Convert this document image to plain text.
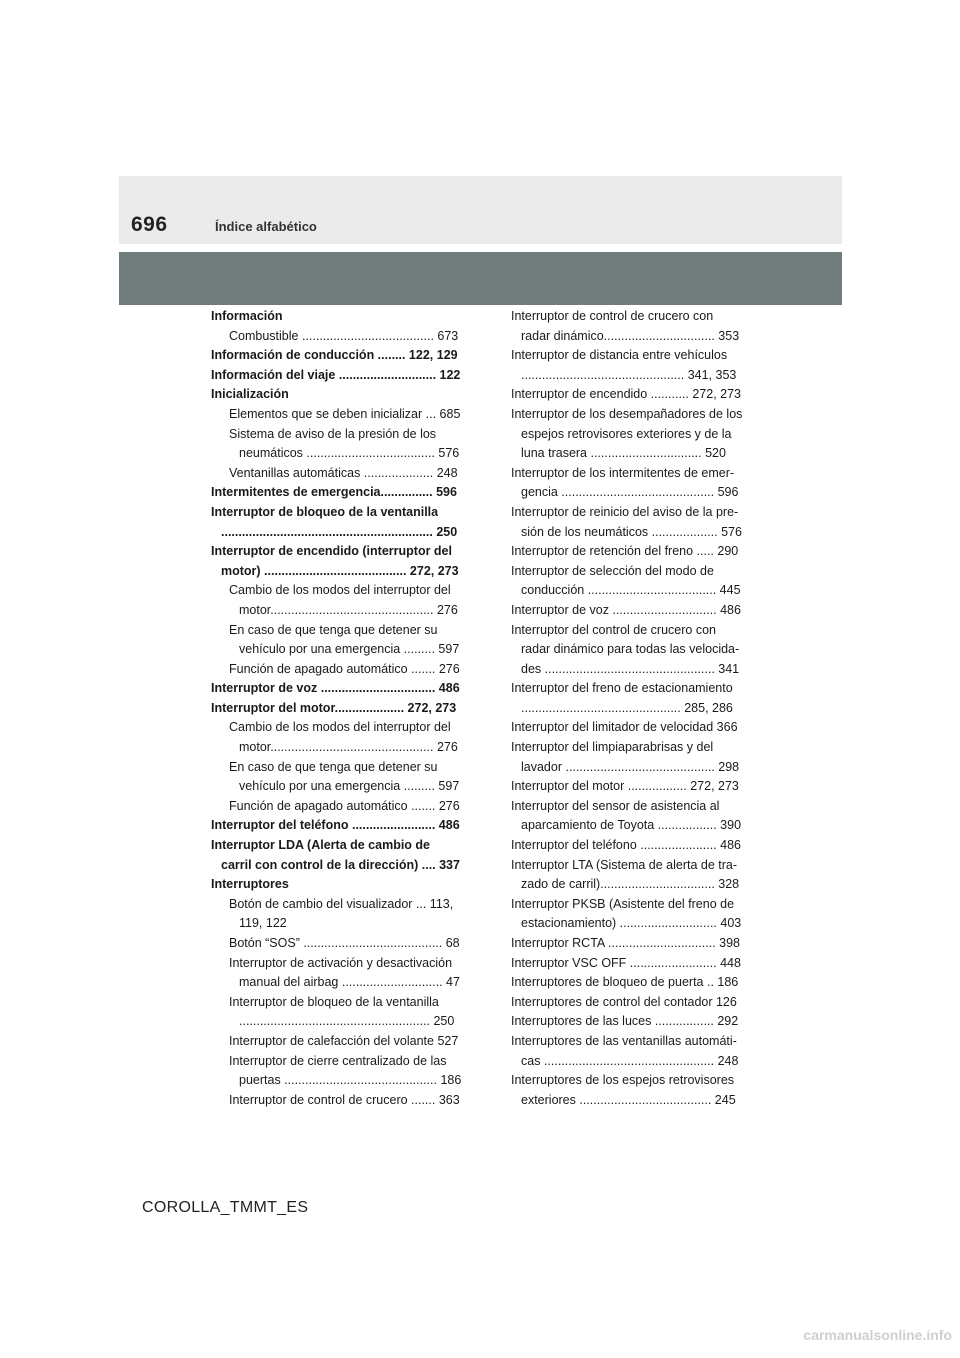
696	Índice alfabético
Información
Combustible ...................................... 673
Información de conducción ........ 122, 129
Información del viaje ............................ 122
Inicialización
Elementos que se deben inicializar ... 685
Sistema de aviso de la presión de los neumáticos ..................................... 576
Ventanillas automáticas .................... 248
Intermitentes de emergencia............... 596
Interruptor de bloqueo de la ventanilla ............................................................. 250
Interruptor de encendido (interruptor del motor) ......................................... 272, 273
Cambio de los modos del interruptor del motor............................................... 276
En caso de que tenga que detener su vehículo por una emergencia ......... 597
Función de apagado automático ....... 276
Interruptor de voz ................................. 486
Interruptor del motor.................... 272, 273
Cambio de los modos del interruptor del motor............................................... 276
En caso de que tenga que detener su vehículo por una emergencia ......... 597
Función de apagado automático ....... 276
Interruptor del teléfono ........................ 486
Interruptor LDA (Alerta de cambio de carril con control de la dirección) .... 337
Interruptores
Botón de cambio del visualizador ... 113, 119, 122
Botón “SOS” ........................................ 68
Interruptor de activación y desactivación manual del airbag ............................. 47
Interruptor de bloqueo de la ventanilla ....................................................... 250
Interruptor de calefacción del volante 527
Interruptor de cierre centralizado de las puertas ............................................ 186
Interruptor de control de crucero ....... 363
Interruptor de control de crucero con radar dinámico................................ 353
Interruptor de distancia entre vehículos ............................................... 341, 353
Interruptor de encendido ........... 272, 273
Interruptor de los desempañadores de los espejos retrovisores exteriores y de la luna trasera ................................ 520
Interruptor de los intermitentes de emer-gencia ............................................ 596
Interruptor de reinicio del aviso de la pre-sión de los neumáticos ................... 576
Interruptor de retención del freno ..... 290
Interruptor de selección del modo de conducción ..................................... 445
Interruptor de voz .............................. 486
Interruptor del control de crucero con radar dinámico para todas las velocida-des ................................................. 341
Interruptor del freno de estacionamiento .............................................. 285, 286
Interruptor del limitador de velocidad 366
Interruptor del limpiaparabrisas y del lavador ........................................... 298
Interruptor del motor ................. 272, 273
Interruptor del sensor de asistencia al aparcamiento de Toyota ................. 390
Interruptor del teléfono ...................... 486
Interruptor LTA (Sistema de alerta de tra-zado de carril)................................. 328
Interruptor PKSB (Asistente del freno de estacionamiento) ............................ 403
Interruptor RCTA ............................... 398
Interruptor VSC OFF ......................... 448
Interruptores de bloqueo de puerta .. 186
Interruptores de control del contador 126
Interruptores de las luces ................. 292
Interruptores de las ventanillas automáti-cas ................................................. 248
Interruptores de los espejos retrovisores exteriores ...................................... 245
COROLLA_TMMT_ES
carmanualsonline.info
